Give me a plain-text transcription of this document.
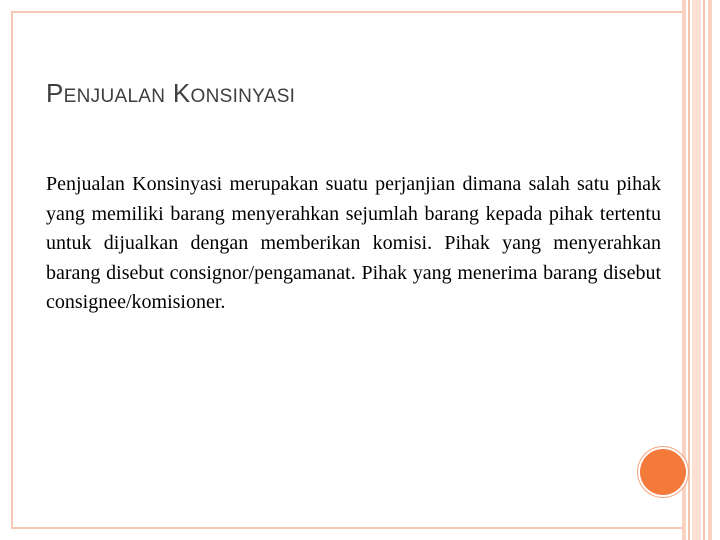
PENJUALAN KONSINYASI

Penjualan Konsinyasi merupakan suatu perjanjian dimana salah satu pihak yang memiliki barang menyerahkan sejumlah barang kepada pihak tertentu untuk dijualkan dengan memberikan komisi. Pihak yang menyerahkan barang disebut consignor/pengamanat. Pihak yang menerima barang disebut consignee/komisioner.
